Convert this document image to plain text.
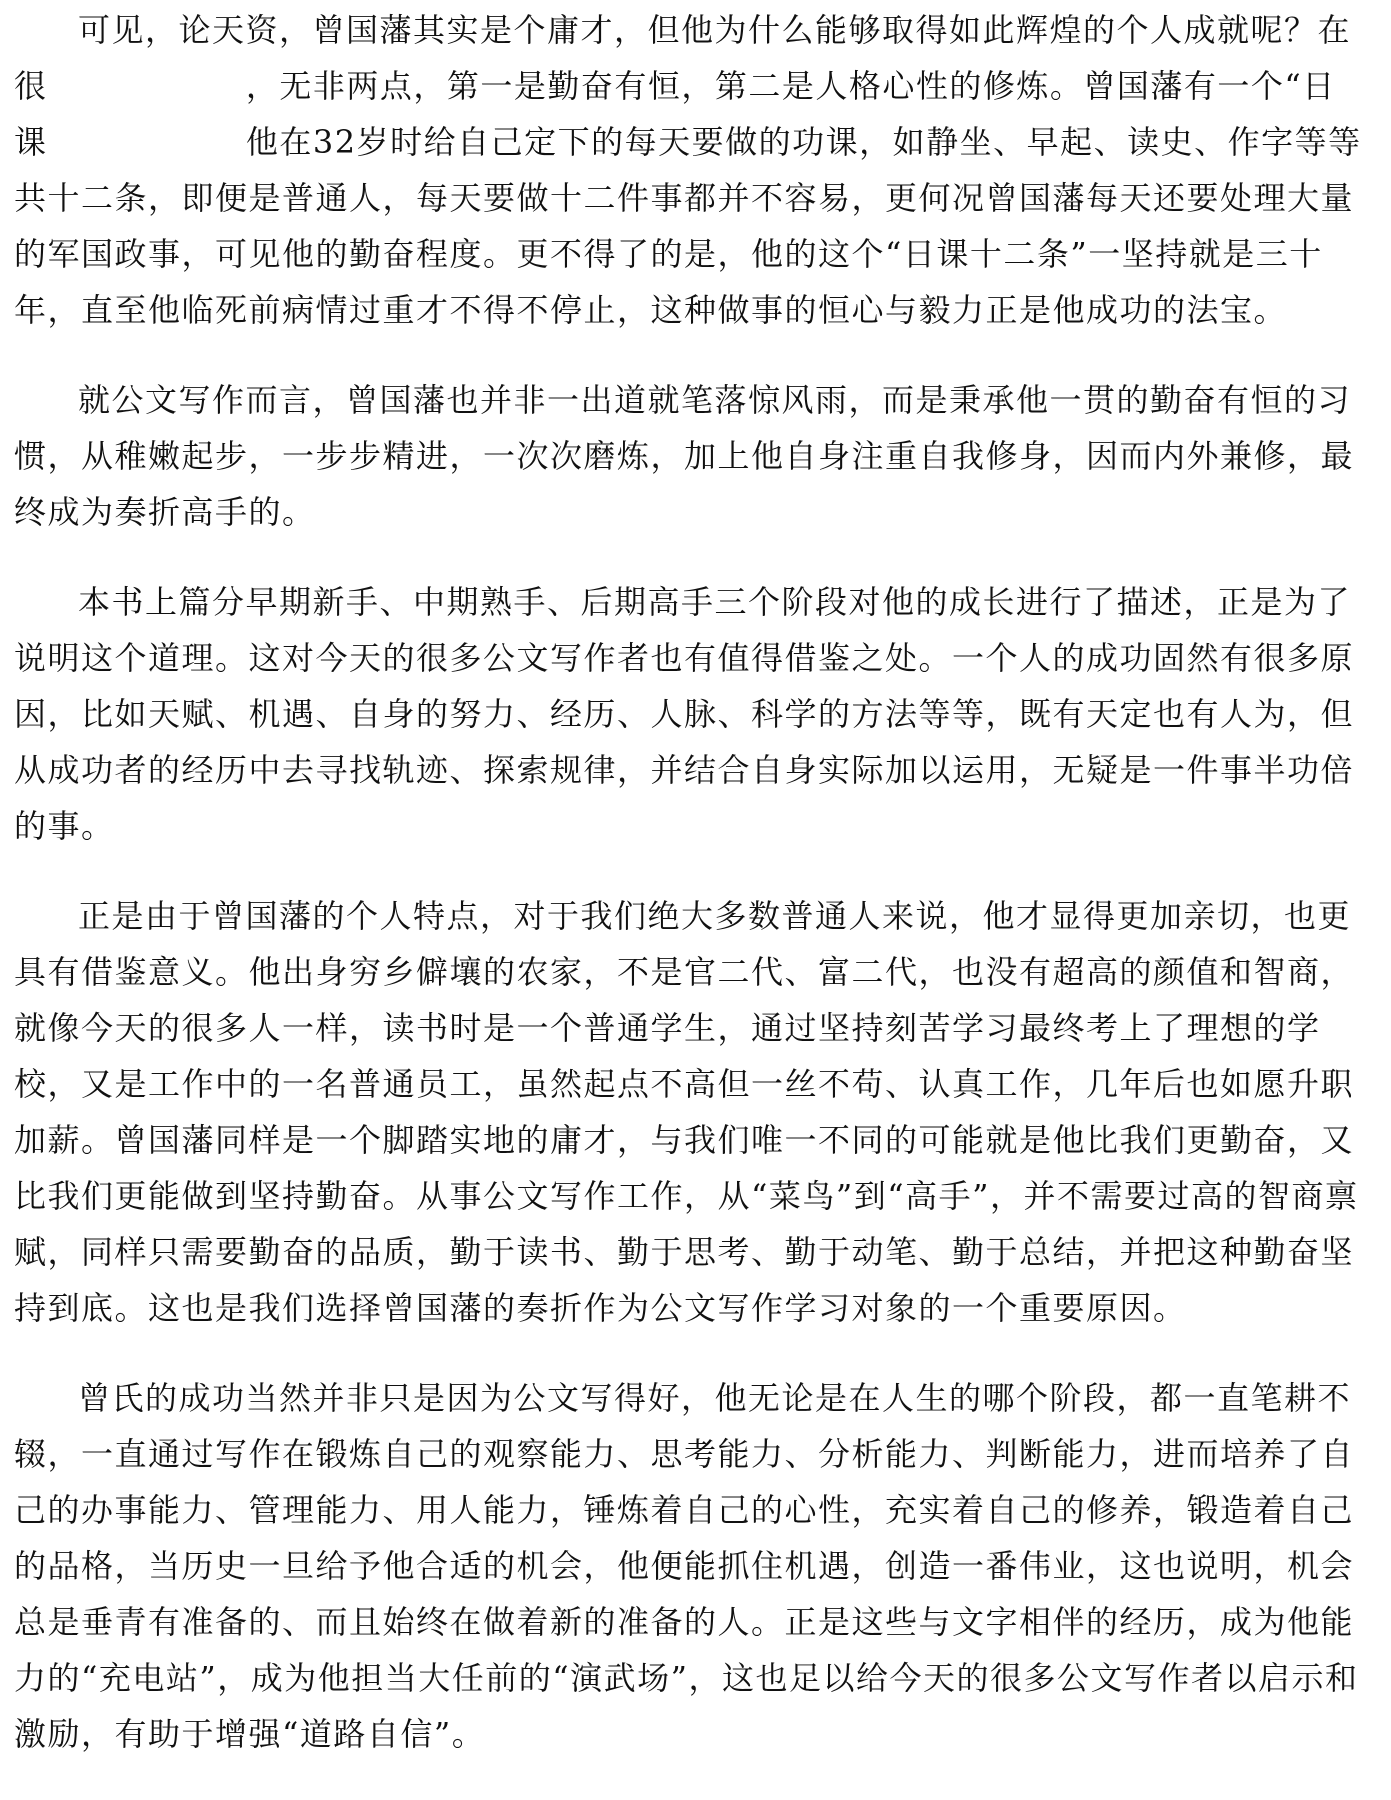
可见，论天资，曾国藩其实是个庸才，但他为什么能够取得如此辉煌的个人成就呢？在
很                 ，无非两点，第一是勤奋有恒，第二是人格心性的修炼。曾国藩有一个“日
课                 他在32岁时给自己定下的每天要做的功课，如静坐、早起、读史、作字等等
共十二条，即便是普通人，每天要做十二件事都并不容易，更何况曾国藩每天还要处理大量
的军国政事，可见他的勤奋程度。更不得了的是，他的这个“日课十二条”一坚持就是三十
年，直至他临死前病情过重才不得不停止，这种做事的恒心与毅力正是他成功的法宝。
就公文写作而言，曾国藩也并非一出道就笔落惊风雨，而是秉承他一贯的勤奋有恒的习
惯，从稚嫩起步，一步步精进，一次次磨炼，加上他自身注重自我修身，因而内外兼修，最
终成为奏折高手的。
本书上篇分早期新手、中期熟手、后期高手三个阶段对他的成长进行了描述，正是为了
说明这个道理。这对今天的很多公文写作者也有值得借鉴之处。一个人的成功固然有很多原
因，比如天赋、机遇、自身的努力、经历、人脉、科学的方法等等，既有天定也有人为，但
从成功者的经历中去寻找轨迹、探索规律，并结合自身实际加以运用，无疑是一件事半功倍
的事。
正是由于曾国藩的个人特点，对于我们绝大多数普通人来说，他才显得更加亲切，也更
具有借鉴意义。他出身穷乡僻壤的农家，不是官二代、富二代，也没有超高的颜值和智商，
就像今天的很多人一样，读书时是一个普通学生，通过坚持刻苦学习最终考上了理想的学
校，又是工作中的一名普通员工，虽然起点不高但一丝不苟、认真工作，几年后也如愿升职
加薪。曾国藩同样是一个脚踏实地的庸才，与我们唯一不同的可能就是他比我们更勤奋，又
比我们更能做到坚持勤奋。从事公文写作工作，从“菜鸟”到“高手”，并不需要过高的智商禀
赋，同样只需要勤奋的品质，勤于读书、勤于思考、勤于动笔、勤于总结，并把这种勤奋坚
持到底。这也是我们选择曾国藩的奏折作为公文写作学习对象的一个重要原因。
曾氏的成功当然并非只是因为公文写得好，他无论是在人生的哪个阶段，都一直笔耕不
辍，一直通过写作在锻炼自己的观察能力、思考能力、分析能力、判断能力，进而培养了自
己的办事能力、管理能力、用人能力，锤炼着自己的心性，充实着自己的修养，锻造着自己
的品格，当历史一旦给予他合适的机会，他便能抓住机遇，创造一番伟业，这也说明，机会
总是垂青有准备的、而且始终在做着新的准备的人。正是这些与文字相伴的经历，成为他能
力的“充电站”，成为他担当大任前的“演武场”，这也足以给今天的很多公文写作者以启示和
激励，有助于增强“道路自信”。
